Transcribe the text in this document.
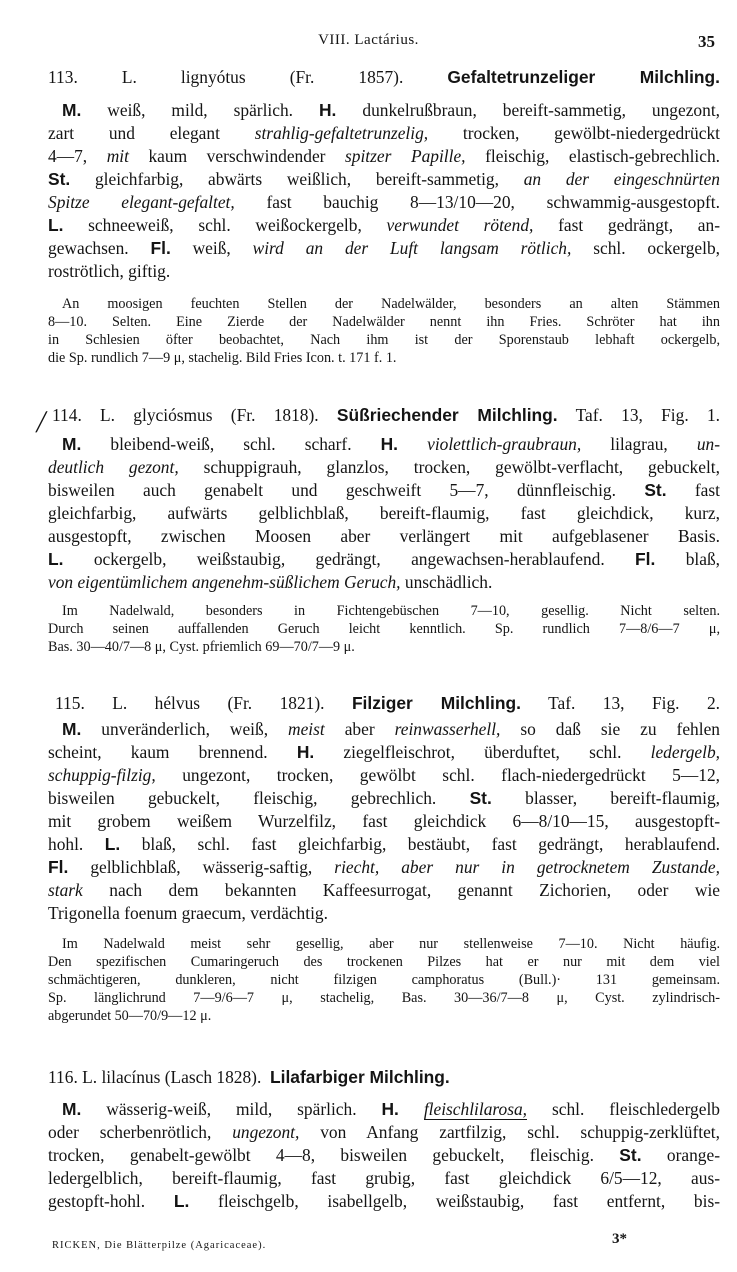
VIII. Lactárius.	35
113. L. lignyótus (Fr. 1857).	Gefaltetrunzeliger Milchling.
M. weiß, mild, spärlich. H. dunkelrußbraun, bereift-sammetig, ungezont,
zart und elegant strahlig-gefaltetrunzelig, trocken, gewölbt-niedergedrückt
4—7, mit kaum verschwindender spitzer Papille, fleischig, elastisch-gebrechlich.
St. gleichfarbig, abwärts weißlich, bereift-sammetig, an der eingeschnürten
Spitze elegant-gefaltet, fast bauchig 8—13/10—20, schwammig-ausgestopft.
L. schneeweiß, schl. weißockergelb, verwundet rötend, fast gedrängt, an-
gewachsen. Fl. weiß, wird an der Luft langsam rötlich, schl. ockergelb,
roströtlich, giftig.
An moosigen feuchten Stellen der Nadelwälder, besonders an alten Stämmen
8—10. Selten. Eine Zierde der Nadelwälder nennt ihn Fries. Schröter hat ihn
in Schlesien öfter beobachtet, Nach ihm ist der Sporenstaub lebhaft ockergelb,
die Sp. rundlich 7—9 μ, stachelig. Bild Fries Icon. t. 171 f. 1.
╱ 114. L. glyciósmus (Fr. 1818). Süßriechender Milchling. Taf. 13, Fig. 1.
M. bleibend-weiß, schl. scharf. H. violettlich-graubraun, lilagrau, un-
deutlich gezont, schuppigrauh, glanzlos, trocken, gewölbt-verflacht, gebuckelt,
bisweilen auch genabelt und geschweift 5—7, dünnfleischig. St. fast
gleichfarbig, aufwärts gelblichblaß, bereift-flaumig, fast gleichdick, kurz,
ausgestopft, zwischen Moosen aber verlängert mit aufgeblasener Basis.
L. ockergelb, weißstaubig, gedrängt, angewachsen-herablaufend. Fl. blaß,
von eigentümlichem angenehm-süßlichem Geruch, unschädlich.
Im Nadelwald, besonders in Fichtengebüschen 7—10, gesellig. Nicht selten.
Durch seinen auffallenden Geruch leicht kenntlich. Sp. rundlich 7—8/6—7 μ,
Bas. 30—40/7—8 μ, Cyst. pfriemlich 69—70/7—9 μ.
115. L. hélvus (Fr. 1821). Filziger Milchling. Taf. 13, Fig. 2.
M. unveränderlich, weiß, meist aber reinwasserhell, so daß sie zu fehlen
scheint, kaum brennend. H. ziegelfleischrot, überduftet, schl. ledergelb,
schuppig-filzig, ungezont, trocken, gewölbt schl. flach-niedergedrückt 5—12,
bisweilen gebuckelt, fleischig, gebrechlich. St. blasser, bereift-flaumig,
mit grobem weißem Wurzelfilz, fast gleichdick 6—8/10—15, ausgestopft-
hohl. L. blaß, schl. fast gleichfarbig, bestäubt, fast gedrängt, herablaufend.
Fl. gelblichblaß, wässerig-saftig, riecht, aber nur in getrocknetem Zustande,
stark nach dem bekannten Kaffeesurrogat, genannt Zichorien, oder wie
Trigonella foenum graecum, verdächtig.
Im Nadelwald meist sehr gesellig, aber nur stellenweise 7—10. Nicht häufig.
Den spezifischen Cumaringeruch des trockenen Pilzes hat er nur mit dem viel
schmächtigeren, dunkleren, nicht filzigen camphoratus (Bull.)· 131 gemeinsam.
Sp. länglichrund 7—9/6—7 μ, stachelig, Bas. 30—36/7—8 μ, Cyst. zylindrisch-
abgerundet 50—70/9—12 μ.
116. L. lilacínus (Lasch 1828). Lilafarbiger Milchling.
M. wässerig-weiß, mild, spärlich. H. fleischlilarosa, schl. fleischledergelb
oder scherbenrötlich, ungezont, von Anfang zartfilzig, schl. schuppig-zerklüftet,
trocken, genabelt-gewölbt 4—8, bisweilen gebuckelt, fleischig. St. orange-
ledergelblich, bereift-flaumig, fast grubig, fast gleichdick 6/5—12, aus-
gestopft-hohl. L. fleischgelb, isabellgelb, weißstaubig, fast entfernt, bis-
RICKEN, Die Blätterpilze (Agaricaceae).	3*
